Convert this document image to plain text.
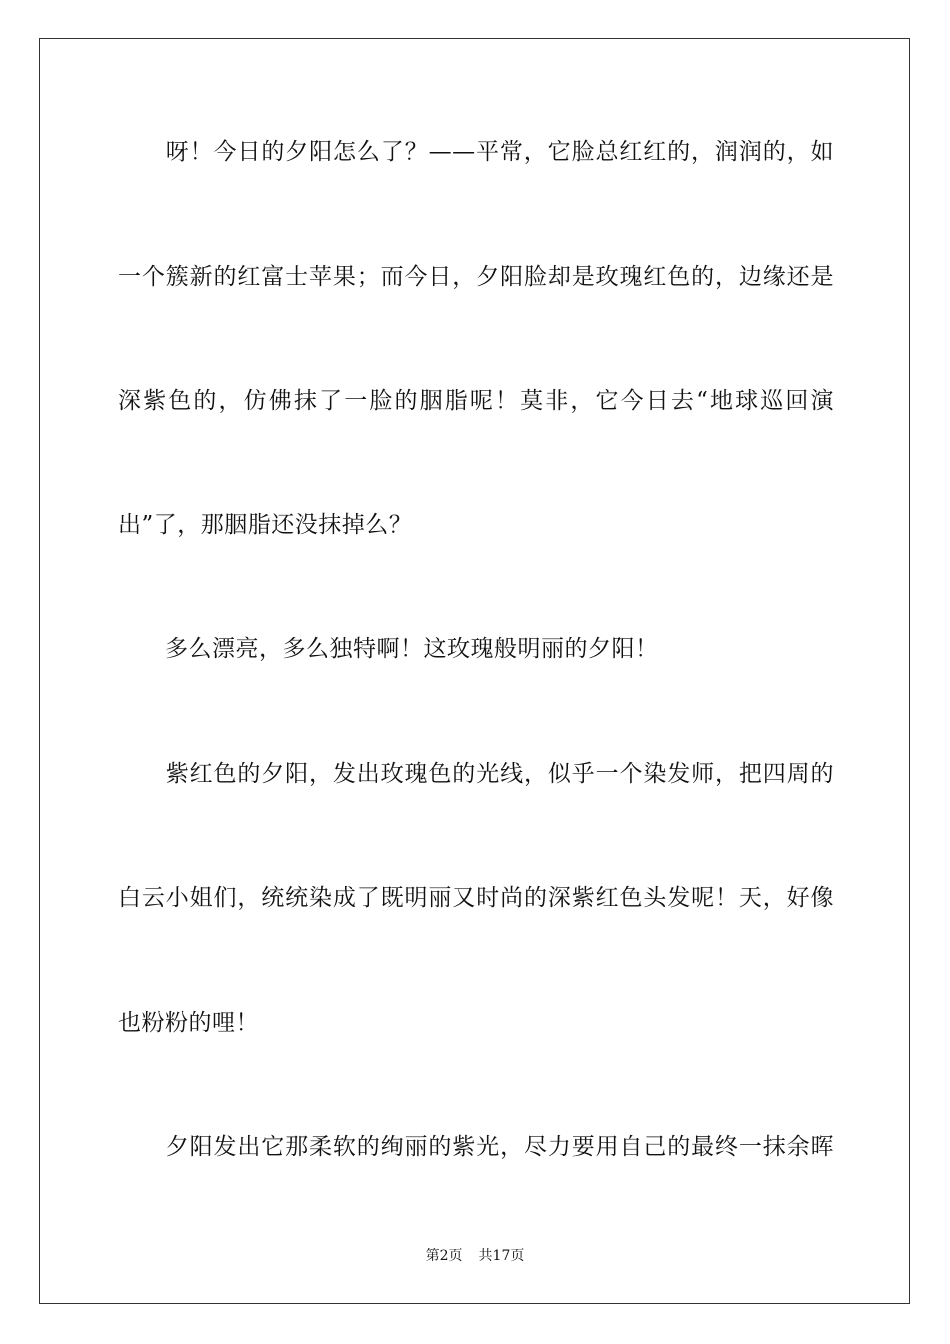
　　呀！今日的夕阳怎么了？——平常，它脸总红红的，润润的，如
一个簇新的红富士苹果；而今日，夕阳脸却是玫瑰红色的，边缘还是
深紫色的，仿佛抹了一脸的胭脂呢！莫非，它今日去“地球巡回演
出”了，那胭脂还没抹掉么？
　　多么漂亮，多么独特啊！这玫瑰般明丽的夕阳！
　　紫红色的夕阳，发出玫瑰色的光线，似乎一个染发师，把四周的
白云小姐们，统统染成了既明丽又时尚的深紫红色头发呢！天，好像
也粉粉的哩！
　　夕阳发出它那柔软的绚丽的紫光，尽力要用自己的最终一抹余晖
第2页 共17页
